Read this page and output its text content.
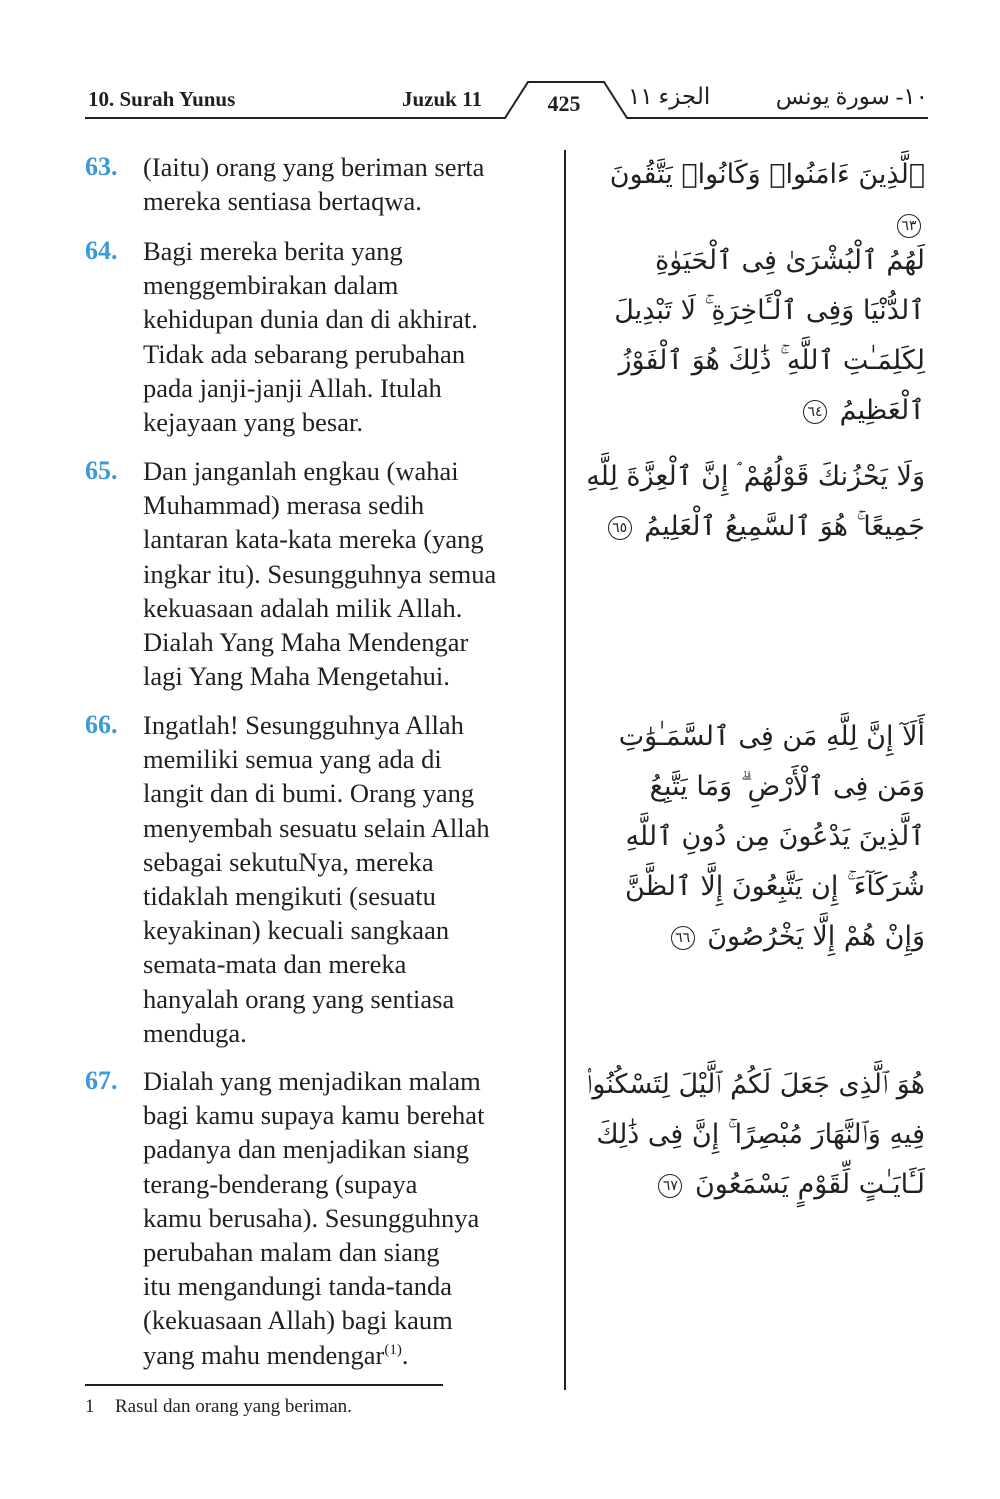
10. Surah Yunus	Juzuk 11	425 الجزء ١١	١٠- سورة يونس
63. (Iaitu) orang yang beriman serta
mereka sentiasa bertaqwa.
ٱلَّذِينَ ءَامَنُوا۟ وَكَانُوا۟ يَتَّقُونَ ٦٣
64. Bagi mereka berita yang
menggembirakan dalam
kehidupan dunia dan di akhirat.
Tidak ada sebarang perubahan
pada janji-janji Allah. Itulah
kejayaan yang besar.
لَهُمُ ٱلْبُشْرَىٰ فِى ٱلْحَيَوٰةِ ٱلدُّنْيَا وَفِى ٱلْـَٔاخِرَةِ ۚ لَا تَبْدِيلَ لِكَلِمَـٰتِ ٱللَّهِ ۚ ذَٰلِكَ هُوَ ٱلْفَوْزُ ٱلْعَظِيمُ ٦٤
65. Dan janganlah engkau (wahai
Muhammad) merasa sedih
lantaran kata-kata mereka (yang
ingkar itu). Sesungguhnya semua
kekuasaan adalah milik Allah.
Dialah Yang Maha Mendengar
lagi Yang Maha Mengetahui.
وَلَا يَحْزُنكَ قَوْلُهُمْ ۘ إِنَّ ٱلْعِزَّةَ لِلَّهِ جَمِيعًا ۚ هُوَ ٱلسَّمِيعُ ٱلْعَلِيمُ ٦٥
66. Ingatlah! Sesungguhnya Allah
memiliki semua yang ada di
langit dan di bumi. Orang yang
menyembah sesuatu selain Allah
sebagai sekutuNya, mereka
tidaklah mengikuti (sesuatu
keyakinan) kecuali sangkaan
semata-mata dan mereka
hanyalah orang yang sentiasa
menduga.
أَلَآ إِنَّ لِلَّهِ مَن فِى ٱلسَّمَـٰوَٰتِ وَمَن فِى ٱلْأَرْضِ ۗ وَمَا يَتَّبِعُ ٱلَّذِينَ يَدْعُونَ مِن دُونِ ٱللَّهِ شُرَكَآءَ ۚ إِن يَتَّبِعُونَ إِلَّا ٱلظَّنَّ وَإِنْ هُمْ إِلَّا يَخْرُصُونَ ٦٦
67. Dialah yang menjadikan malam
bagi kamu supaya kamu berehat
padanya dan menjadikan siang
terang-benderang (supaya
kamu berusaha). Sesungguhnya
perubahan malam dan siang
itu mengandungi tanda-tanda
(kekuasaan Allah) bagi kaum
yang mahu mendengar$^{(1)}$.
هُوَ ٱلَّذِى جَعَلَ لَكُمُ ٱلَّيْلَ لِتَسْكُنُوا۟ فِيهِ وَٱلنَّهَارَ مُبْصِرًا ۚ إِنَّ فِى ذَٰلِكَ لَـَٔايَـٰتٍ لِّقَوْمٍ يَسْمَعُونَ ٦٧
1 Rasul dan orang yang beriman.
